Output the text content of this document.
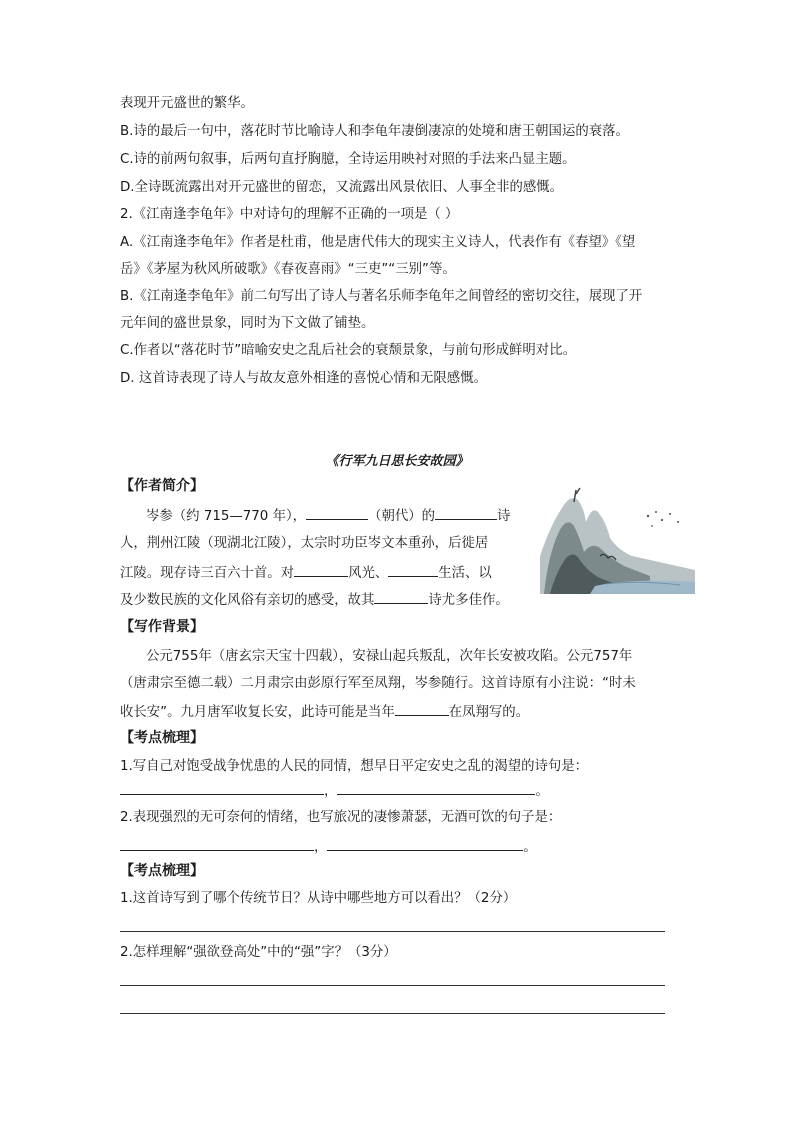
表现开元盛世的繁华。
B.诗的最后一句中，落花时节比喻诗人和李龟年凄倒凄凉的处境和唐王朝国运的衰落。
C.诗的前两句叙事，后两句直抒胸臆，全诗运用映衬对照的手法来凸显主题。
D.全诗既流露出对开元盛世的留恋，又流露出风景依旧、人事全非的感慨。
2.《江南逢李龟年》中对诗句的理解不正确的一项是（ ）
A.《江南逢李龟年》作者是杜甫，他是唐代伟大的现实主义诗人，代表作有《春望》《望
岳》《茅屋为秋风所破歌》《春夜喜雨》“三吏”“三别”等。
B.《江南逢李龟年》前二句写出了诗人与著名乐师李龟年之间曾经的密切交往，展现了开
元年间的盛世景象，同时为下文做了铺垫。
C.作者以“落花时节”暗喻安史之乱后社会的衰颓景象，与前句形成鲜明对比。
D. 这首诗表现了诗人与故友意外相逢的喜悦心情和无限感慨。
《行军九日思长安故园》
【作者简介】
岑参（约 715—770 年），	（朝代）的	诗
人，荆州江陵（现湖北江陵），太宗时功臣岑文本重孙，后徙居
江陵。现存诗三百六十首。对	风光、	生活、以
及少数民族的文化风俗有亲切的感受，故其	诗尤多佳作。
【写作背景】
公元755年（唐玄宗天宝十四载），安禄山起兵叛乱，次年长安被攻陷。公元757年
（唐肃宗至德二载）二月肃宗由彭原行军至凤翔，岑参随行。这首诗原有小注说：“时未
收长安”。九月唐军收复长安，此诗可能是当年	在凤翔写的。
【考点梳理】
1.写自己对饱受战争忧患的人民的同情，想早日平定安史之乱的渴望的诗句是：
，	。
2.表现强烈的无可奈何的情绪，也写旅况的凄惨萧瑟，无酒可饮的句子是：
，	。
【考点梳理】
1.这首诗写到了哪个传统节日？从诗中哪些地方可以看出？（2分）
2.怎样理解“强欲登高处”中的“强”字？（3分）
